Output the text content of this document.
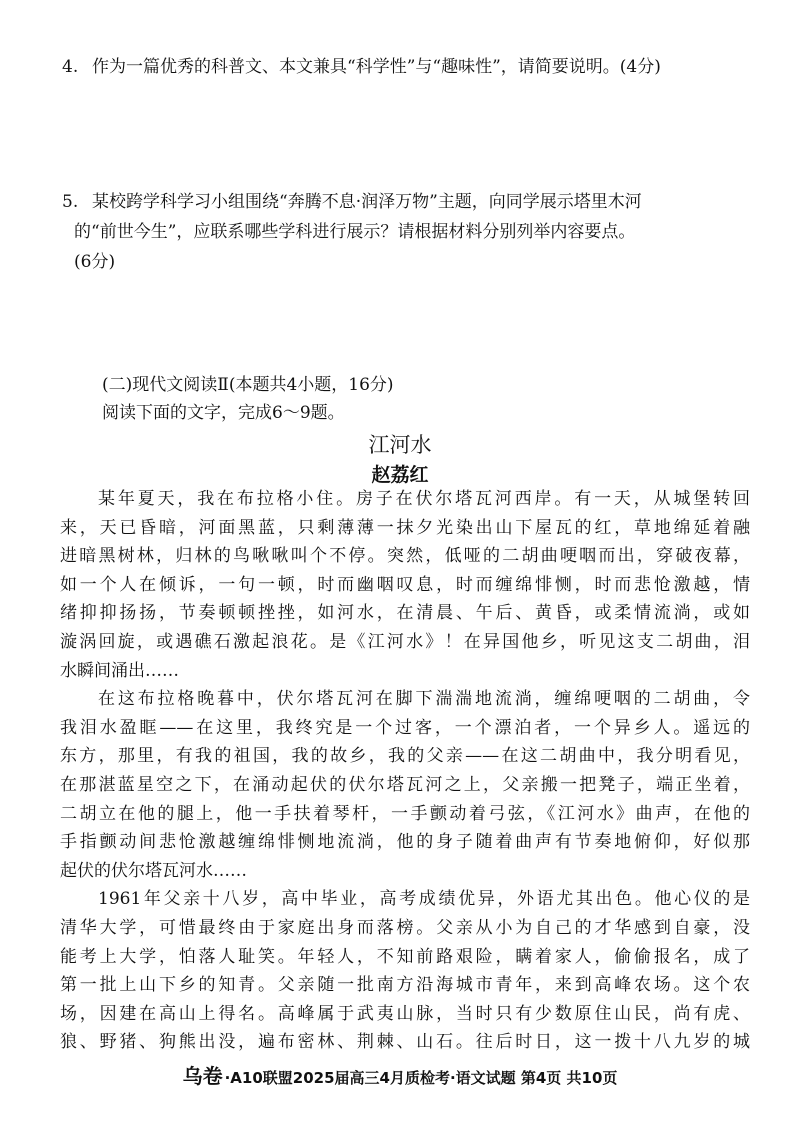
4. 作为一篇优秀的科普文、本文兼具“科学性”与“趣味性”，请简要说明。(4分)
5. 某校跨学科学习小组围绕“奔腾不息·润泽万物”主题，向同学展示塔里木河
的“前世今生”，应联系哪些学科进行展示？请根据材料分别列举内容要点。
(6分)
(二)现代文阅读Ⅱ(本题共4小题，16分)
阅读下面的文字，完成6～9题。
江河水
赵荔红
某年夏天，我在布拉格小住。房子在伏尔塔瓦河西岸。有一天，从城堡转回
来，天已昏暗，河面黑蓝，只剩薄薄一抹夕光染出山下屋瓦的红，草地绵延着融
进暗黑树林，归林的鸟啾啾叫个不停。突然，低哑的二胡曲哽咽而出，穿破夜幕，
如一个人在倾诉，一句一顿，时而幽咽叹息，时而缠绵悱恻，时而悲怆激越，情
绪抑抑扬扬，节奏顿顿挫挫，如河水，在清晨、午后、黄昏，或柔情流淌，或如
漩涡回旋，或遇礁石激起浪花。是《江河水》！在异国他乡，听见这支二胡曲，泪
水瞬间涌出……
在这布拉格晚暮中，伏尔塔瓦河在脚下湍湍地流淌，缠绵哽咽的二胡曲，令
我泪水盈眶——在这里，我终究是一个过客，一个漂泊者，一个异乡人。遥远的
东方，那里，有我的祖国，我的故乡，我的父亲——在这二胡曲中，我分明看见，
在那湛蓝星空之下，在涌动起伏的伏尔塔瓦河之上，父亲搬一把凳子，端正坐着，
二胡立在他的腿上，他一手扶着琴杆，一手颤动着弓弦，《江河水》曲声，在他的
手指颤动间悲怆激越缠绵悱恻地流淌，他的身子随着曲声有节奏地俯仰，好似那
起伏的伏尔塔瓦河水……
1961年父亲十八岁，高中毕业，高考成绩优异，外语尤其出色。他心仪的是
清华大学，可惜最终由于家庭出身而落榜。父亲从小为自己的才华感到自豪，没
能考上大学，怕落人耻笑。年轻人，不知前路艰险，瞒着家人，偷偷报名，成了
第一批上山下乡的知青。父亲随一批南方沿海城市青年，来到高峰农场。这个农
场，因建在高山上得名。高峰属于武夷山脉，当时只有少数原住山民，尚有虎、
狼、野猪、狗熊出没，遍布密林、荆棘、山石。往后时日，这一拨十八九岁的城
乌卷 ·A10联盟2025届高三4月质检考·语文试题 第4页 共10页
